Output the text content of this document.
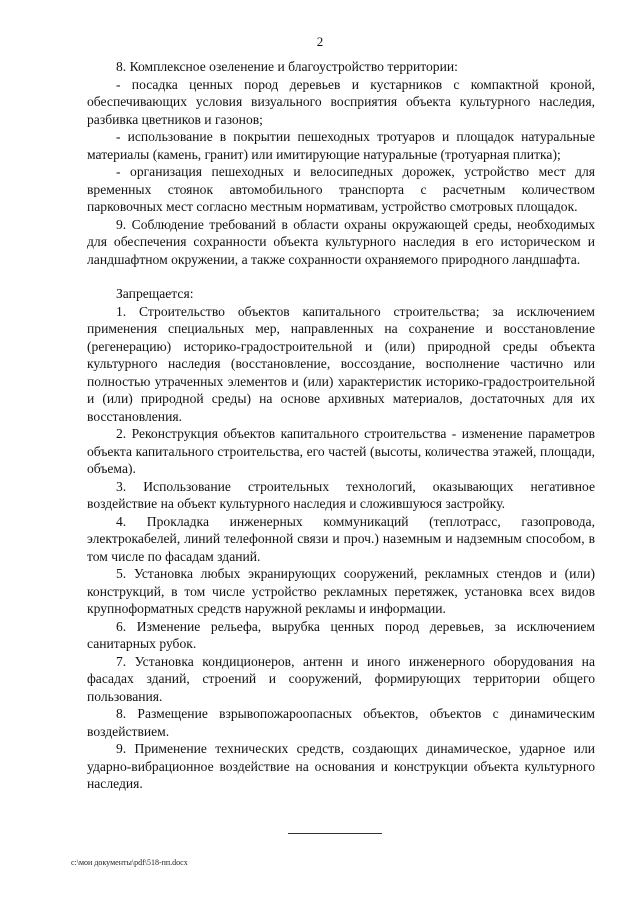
2

8. Комплексное озеленение и благоустройство территории:

- посадка ценных пород деревьев и кустарников с компактной кроной, обеспечивающих условия визуального восприятия объекта культурного наследия, разбивка цветников и газонов;

- использование в покрытии пешеходных тротуаров и площадок натуральные материалы (камень, гранит) или имитирующие натуральные (тротуарная плитка);

- организация пешеходных и велосипедных дорожек, устройство мест для временных стоянок автомобильного транспорта с расчетным количеством парковочных мест согласно местным нормативам, устройство смотровых площадок.

9. Соблюдение требований в области охраны окружающей среды, необходимых для обеспечения сохранности объекта культурного наследия в его историческом и ландшафтном окружении, а также сохранности охраняемого природного ландшафта.

Запрещается:

1. Строительство объектов капитального строительства; за исключением применения специальных мер, направленных на сохранение и восстановление (регенерацию) историко-градостроительной и (или) природной среды объекта культурного наследия (восстановление, воссоздание, восполнение частично или полностью утраченных элементов и (или) характеристик историко-градостроительной и (или) природной среды) на основе архивных материалов, достаточных для их восстановления.

2. Реконструкция объектов капитального строительства - изменение параметров объекта капитального строительства, его частей (высоты, количества этажей, площади, объема).

3. Использование строительных технологий, оказывающих негативное воздействие на объект культурного наследия и сложившуюся застройку.

4. Прокладка инженерных коммуникаций (теплотрасс, газопровода, электрокабелей, линий телефонной связи и проч.) наземным и надземным способом, в том числе по фасадам зданий.

5. Установка любых экранирующих сооружений, рекламных стендов и (или) конструкций, в том числе устройство рекламных перетяжек, установка всех видов крупноформатных средств наружной рекламы и информации.

6. Изменение рельефа, вырубка ценных пород деревьев, за исключением санитарных рубок.

7. Установка кондиционеров, антенн и иного инженерного оборудования на фасадах зданий, строений и сооружений, формирующих территории общего пользования.

8. Размещение взрывопожароопасных объектов, объектов с динамическим воздействием.

9. Применение технических средств, создающих динамическое, ударное или ударно-вибрационное воздействие на основания и конструкции объекта культурного наследия.

c:\мои документы\pdf\518-пп.docx
